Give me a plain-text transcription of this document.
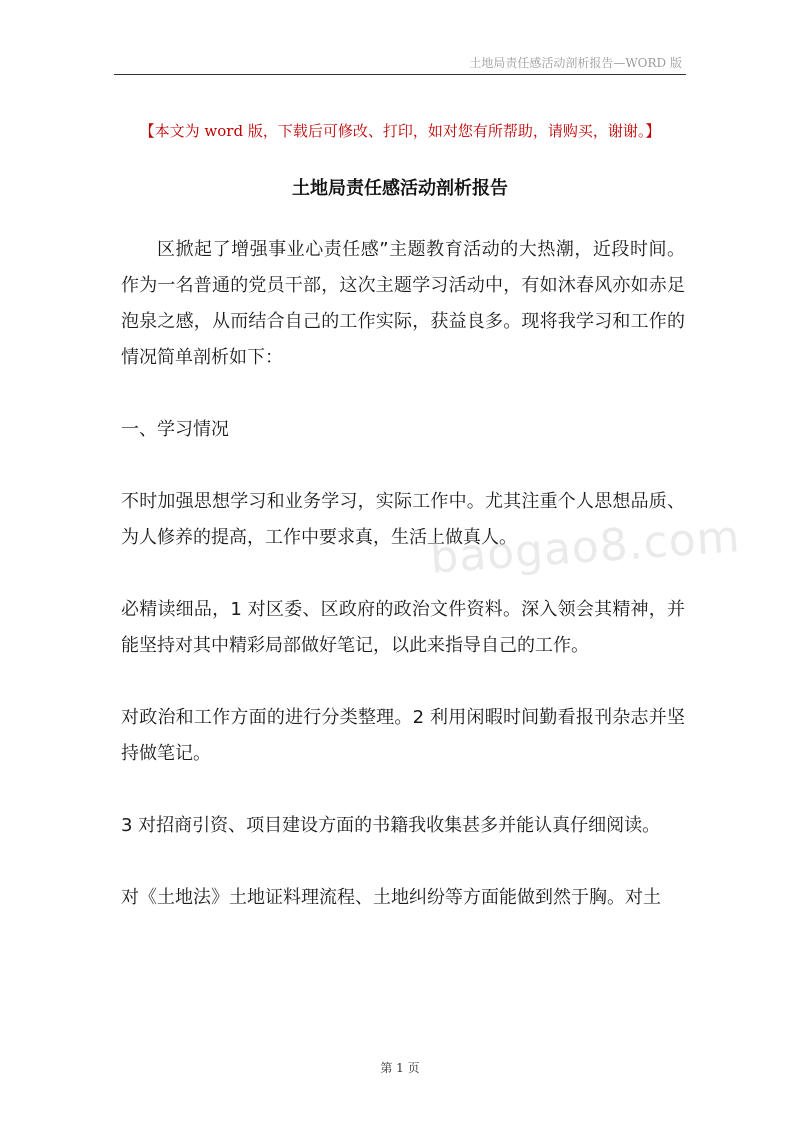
土地局责任感活动剖析报告—WORD 版
【本文为 word 版，下载后可修改、打印，如对您有所帮助，请购买，谢谢。】
土地局责任感活动剖析报告

区掀起了增强事业心责任感”主题教育活动的大热潮，近段时间。作为一名普通的党员干部，这次主题学习活动中，有如沐春风亦如赤足泡泉之感，从而结合自己的工作实际，获益良多。现将我学习和工作的情况简单剖析如下：

一、学习情况

不时加强思想学习和业务学习，实际工作中。尤其注重个人思想品质、为人修养的提高，工作中要求真，生活上做真人。

必精读细品，1 对区委、区政府的政治文件资料。深入领会其精神，并能坚持对其中精彩局部做好笔记，以此来指导自己的工作。

对政治和工作方面的进行分类整理。2 利用闲暇时间勤看报刊杂志并坚持做笔记。

3 对招商引资、项目建设方面的书籍我收集甚多并能认真仔细阅读。

对《土地法》土地证料理流程、土地纠纷等方面能做到然于胸。对土

baogao8.com
第 1 页
